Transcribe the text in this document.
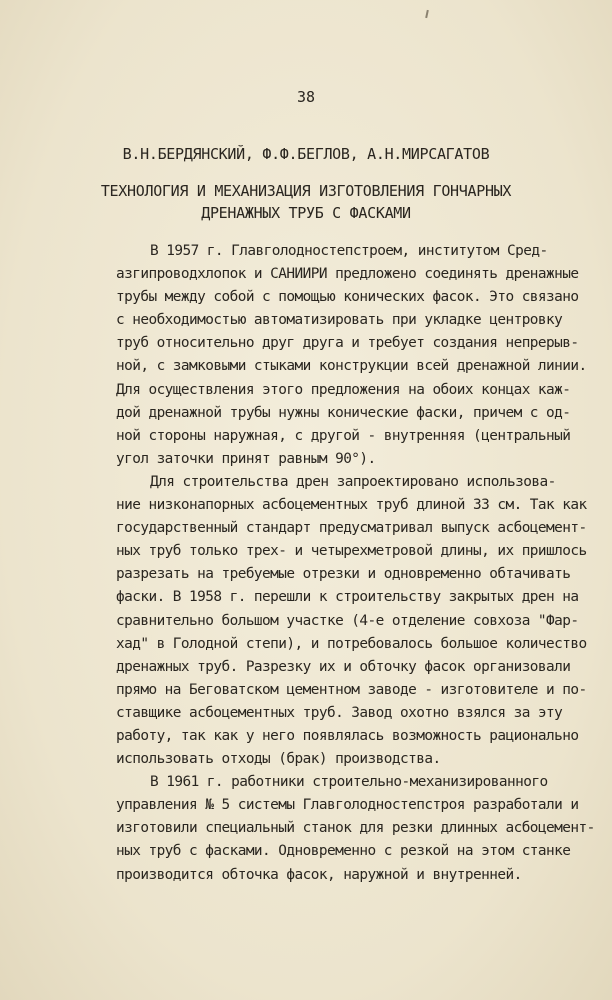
38
В.Н.БЕРДЯНСКИЙ, Ф.Ф.БЕГЛОВ, А.Н.МИРСАГАТОВ
ТЕХНОЛОГИЯ И МЕХАНИЗАЦИЯ ИЗГОТОВЛЕНИЯ ГОНЧАРНЫХ
ДРЕНАЖНЫХ ТРУБ С ФАСКАМИ
В 1957 г. Главголодностепстроем, институтом Сред-
азгипроводхлопок и САНИИРИ предложено соединять дренажные
трубы между собой с помощью конических фасок. Это связано
с необходимостью автоматизировать при укладке центровку
труб относительно друг друга и требует создания непрерыв-
ной, с замковыми стыками конструкции всей дренажной линии.
Для осуществления этого предложения на обоих концах каж-
дой дренажной трубы нужны конические фаски, причем с од-
ной стороны наружная, с другой - внутренняя (центральный
угол заточки принят равным 90°).
Для строительства дрен запроектировано использова-
ние низконапорных асбоцементных труб длиной 33 см. Так как
государственный стандарт предусматривал выпуск асбоцемент-
ных труб только трех- и четырехметровой длины, их пришлось
разрезать на требуемые отрезки и одновременно обтачивать
фаски. В 1958 г. перешли к строительству закрытых дрен на
сравнительно большом участке (4-е отделение совхоза "Фар-
хад" в Голодной степи), и потребовалось большое количество
дренажных труб. Разрезку их и обточку фасок организовали
прямо на Беговатском цементном заводе - изготовителе и по-
ставщике асбоцементных труб. Завод охотно взялся за эту
работу, так как у него появлялась возможность рационально
использовать отходы (брак) производства.
В 1961 г. работники строительно-механизированного
управления № 5 системы Главголодностепстроя разработали и
изготовили специальный станок для резки длинных асбоцемент-
ных труб с фасками. Одновременно с резкой на этом станке
производится обточка фасок, наружной и внутренней.
